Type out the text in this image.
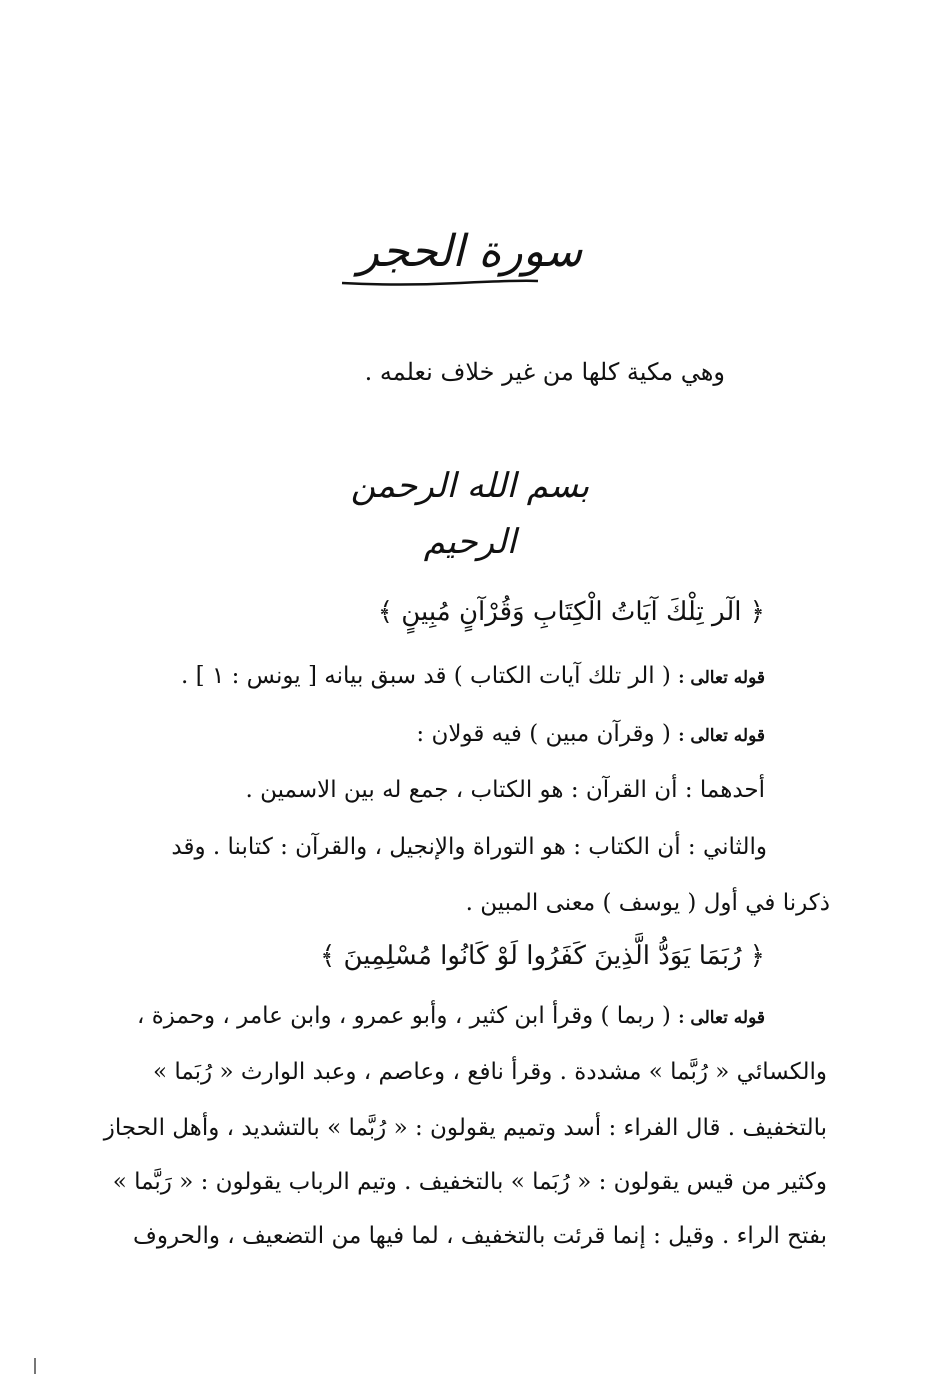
سورة الحجر
وهي مكية كلها من غير خلاف نعلمه .
بسم الله الرحمن الرحيم
﴿ الٓر تِلْكَ آيَاتُ الْكِتَابِ وَقُرْآنٍ مُبِينٍ ﴾
قوله تعالى : ( الر تلك آيات الكتاب ) قد سبق بيانه [ يونس : ١ ] .
قوله تعالى : ( وقرآن مبين ) فيه قولان :
أحدهما : أن القرآن : هو الكتاب ، جمع له بين الاسمين .
والثاني : أن الكتاب : هو التوراة والإنجيل ، والقرآن : كتابنا . وقد
ذكرنا في أول ( يوسف ) معنى المبين .
﴿ رُبَمَا يَوَدُّ الَّذِينَ كَفَرُوا لَوْ كَانُوا مُسْلِمِينَ ﴾
قوله تعالى : ( ربما ) وقرأ ابن كثير ، وأبو عمرو ، وابن عامر ، وحمزة ،
والكسائي « رُبَّما » مشددة . وقرأ نافع ، وعاصم ، وعبد الوارث « رُبَما »
بالتخفيف . قال الفراء : أسد وتميم يقولون : « رُبَّما » بالتشديد ، وأهل الحجاز
وكثير من قيس يقولون : « رُبَما » بالتخفيف . وتيم الرباب يقولون : « رَبَّما »
بفتح الراء . وقيل : إنما قرئت بالتخفيف ، لما فيها من التضعيف ، والحروف
